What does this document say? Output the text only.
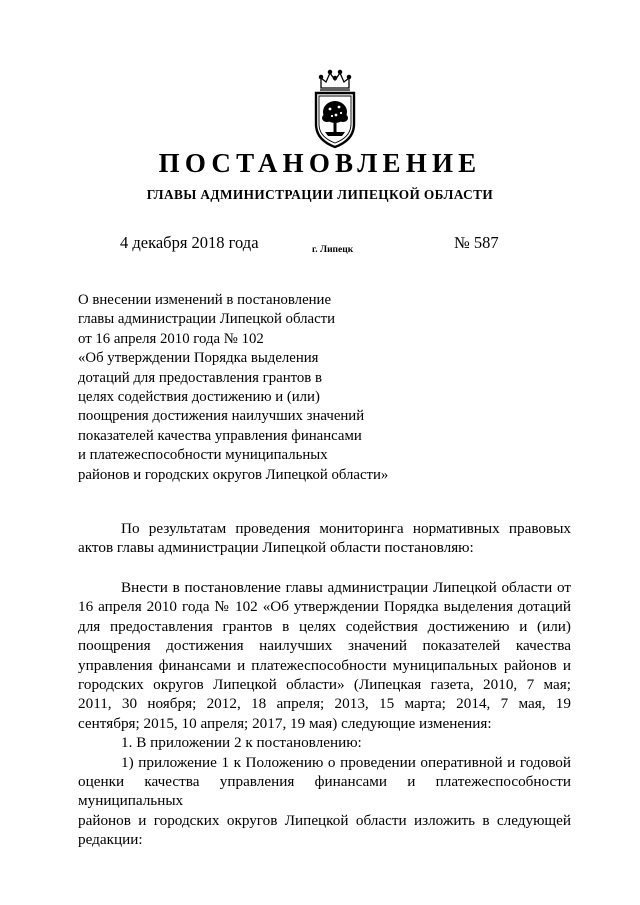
ПОСТАНОВЛЕНИЕ
ГЛАВЫ АДМИНИСТРАЦИИ ЛИПЕЦКОЙ ОБЛАСТИ
4 декабря 2018 года	г. Липецк	№ 587
О внесении изменений в постановление
главы администрации Липецкой области
от 16 апреля 2010 года № 102
«Об утверждении Порядка выделения
дотаций для предоставления грантов в
целях содействия достижению и (или)
поощрения достижения наилучших значений
показателей качества управления финансами
и платежеспособности муниципальных
районов и городских округов Липецкой области»
По результатам проведения мониторинга нормативных правовых
актов главы администрации Липецкой области постановляю:
Внести в постановление главы администрации Липецкой области от
16 апреля 2010 года № 102 «Об утверждении Порядка выделения дотаций
для предоставления грантов в целях содействия достижению и (или)
поощрения достижения наилучших значений показателей качества
управления финансами и платежеспособности муниципальных районов и
городских округов Липецкой области» (Липецкая газета, 2010, 7 мая;
2011, 30 ноября; 2012, 18 апреля; 2013, 15 марта; 2014, 7 мая, 19
сентября; 2015, 10 апреля; 2017, 19 мая) следующие изменения:
1. В приложении 2 к постановлению:
1) приложение 1 к Положению о проведении оперативной и годовой
оценки качества управления финансами и платежеспособности муниципальных
районов и городских округов Липецкой области изложить в следующей
редакции:
